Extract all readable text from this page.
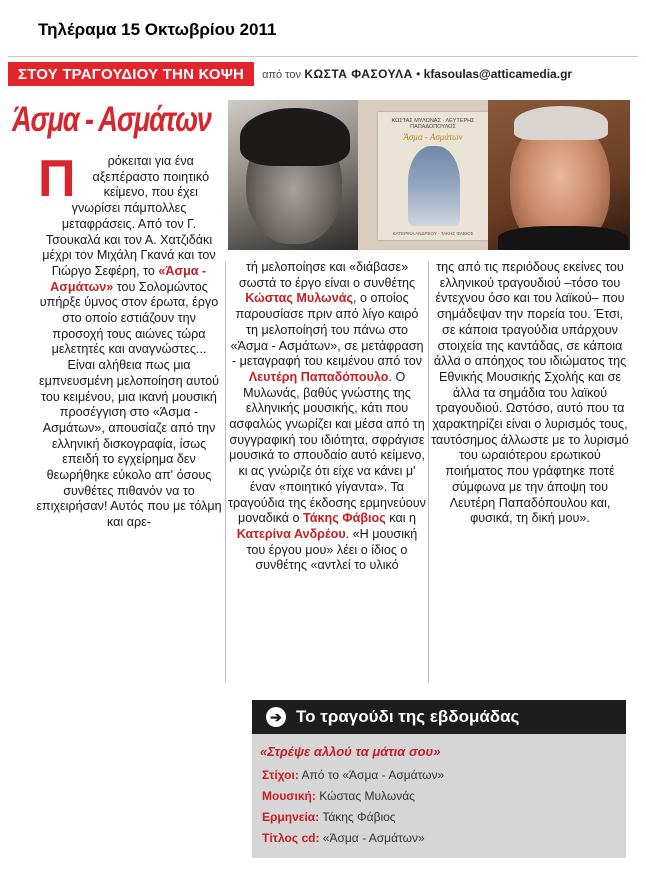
Τηλέραμα 15 Οκτωβρίου 2011
ΣΤΟΥ ΤΡΑΓΟΥΔΙΟΥ ΤΗΝ ΚΟΨΗ	από τον ΚΩΣΤΑ ΦΑΣΟΥΛΑ • kfasoulas@atticamedia.gr
Άσμα - Ασμάτων	ΚΩΣΤΑΣ ΜΥΛΩΝΑΣ · ΛΕΥΤΕΡΗΣ ΠΑΠΑΔΟΠΟΥΛΟΣ
Άσμα - Ασμάτων
ΚΑΤΕΡΙΝΑ ΑΝΔΡΕΟΥ · ΤΑΚΗΣ ΦΑΒΙΟΣ

Π	ρόκειται για ένα αξεπέραστο ποιητικό κείμενο, που έχει γνωρίσει πάμπολλες μεταφράσεις. Από τον Γ. Τσουκαλά και τον Α. Χατζιδάκι μέχρι τον Μιχάλη Γκανά και τον Γιώργο Σεφέρη, το «Άσμα - Ασμάτων» του Σολομώντος υπήρξε ύμνος στον έρωτα, έργο στο οποίο εστιάζουν την προσοχή τους αιώνες τώρα μελετητές και αναγνώστες...

Είναι αλήθεια πως μια εμπνευσμένη μελοποίηση αυτού του κειμένου, μια ικανή μουσική προσέγγιση στο «Άσμα - Ασμάτων», απουσίαζε από την ελληνική δισκογραφία, ίσως επειδή το εγχείρημα δεν θεωρήθηκε εύκολο απ' όσους συνθέτες πιθανόν να το επιχειρήσαν! Αυτός που με τόλμη και αρε-

τή μελοποίησε και «διάβασε» σωστά το έργο είναι ο συνθέτης Κώστας Μυλωνάς, ο οποίος παρουσίασε πριν από λίγο καιρό τη μελοποίησή του πάνω στο «Άσμα - Ασμάτων», σε μετάφραση - μεταγραφή του κειμένου από τον Λευτέρη Παπαδόπουλο. Ο Μυλωνάς, βαθύς γνώστης της ελληνικής μουσικής, κάτι που ασφαλώς γνωρίζει και μέσα από τη συγγραφική του ιδιότητα, σφράγισε μουσικά το σπουδαίο αυτό κείμενο, κι ας γνώριζε ότι είχε να κάνει μ' έναν «ποιητικό γίγαντα». Τα τραγούδια της έκδοσης ερμηνεύουν μοναδικά ο Τάκης Φάβιος και η Κατερίνα Ανδρέου. «Η μουσική του έργου μου» λέει ο ίδιος ο συνθέτης «αντλεί το υλικό

της από τις περιόδους εκείνες του ελληνικού τραγουδιού –τόσο του έντεχνου όσο και του λαϊκού– που σημάδεψαν την πορεία του. Έτσι, σε κάποια τραγούδια υπάρχουν στοιχεία της καντάδας, σε κάποια άλλα ο απόηχος του ιδιώματος της Εθνικής Μουσικής Σχολής και σε άλλα τα σημάδια του λαϊκού τραγουδιού. Ωστόσο, αυτό που τα χαρακτηρίζει είναι ο λυρισμός τους, ταυτόσημος άλλωστε με το λυρισμό του ωραιότερου ερωτικού ποιήματος που γράφτηκε ποτέ σύμφωνα με την άποψη του Λευτέρη Παπαδόπουλου και, φυσικά, τη δική μου».

➔ Το τραγούδι της εβδομάδας
«Στρέψε αλλού τα μάτια σου»
Στίχοι: Από το «Άσμα - Ασμάτων»
Μουσική: Κώστας Μυλωνάς
Ερμηνεία: Τάκης Φάβιος
Τίτλος cd: «Άσμα - Ασμάτων»
